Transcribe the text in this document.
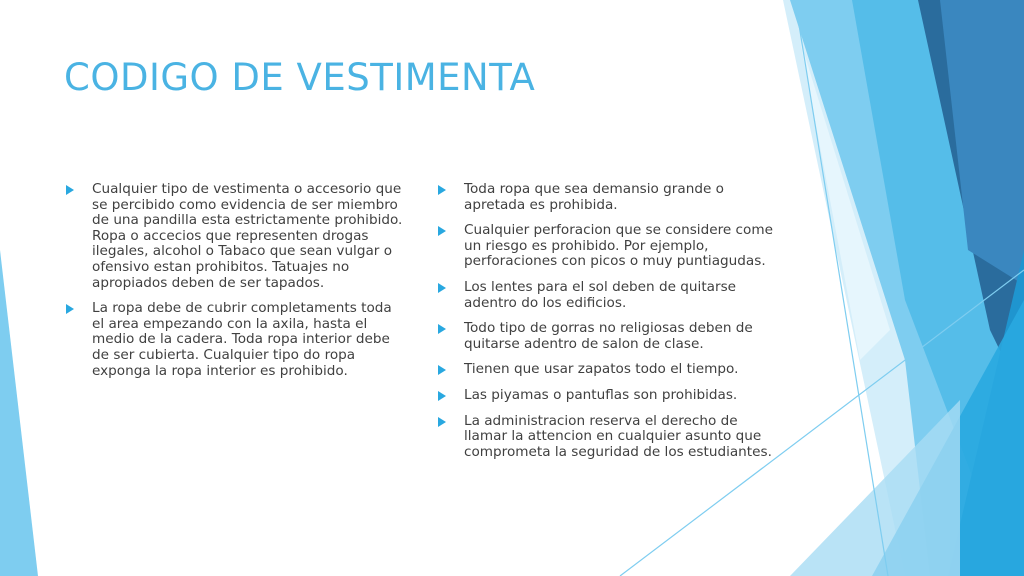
CODIGO DE VESTIMENTA
Cualquier tipo de vestimenta o accesorio que se percibido como evidencia de ser miembro de una pandilla esta estrictamente prohibido. Ropa o accecios que representen drogas ilegales, alcohol o Tabaco que sean vulgar o ofensivo estan prohibitos. Tatuajes no apropiados deben de ser tapados.
La ropa debe de cubrir completaments toda el area empezando con la axila, hasta el medio de la cadera. Toda ropa interior debe de ser cubierta. Cualquier tipo do ropa exponga la ropa interior es prohibido.
Toda ropa que sea demansio grande o apretada es prohibida.
Cualquier perforacion que se considere come un riesgo es prohibido. Por ejemplo, perforaciones con picos o muy puntiagudas.
Los lentes para el sol deben de quitarse adentro do los edificios.
Todo tipo de gorras no religiosas deben de quitarse adentro de salon de clase.
Tienen que usar zapatos todo el tiempo.
Las piyamas o pantuflas son prohibidas.
La administracion reserva el derecho de llamar la attencion en cualquier asunto que comprometa la seguridad de los estudiantes.
